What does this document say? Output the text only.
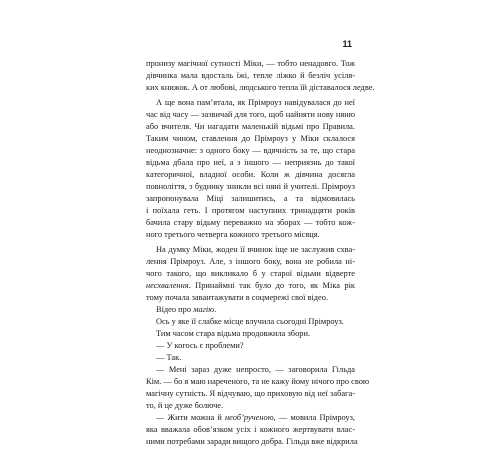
11
пронизу магічної сутності Міки, — тобто ненадовго. Тож
дівчинка мала вдосталь їжі, тепле ліжко й безліч усіля-
ких книжок. А от любові, людського тепла їй діставалося ледве.
А ще вона пам’ятала, як Прімроуз навідувалася до неї
час від часу — зазвичай для того, щоб найняти нову няню
або вчителя. Чи нагадати маленькій відьмі про Правила.
Таким чином, ставлення до Прімроуз у Міки склалося
неоднозначне: з одного боку — вдячність за те, що стара
відьма дбала про неї, а з іншого — неприязнь до такої
категоричної, владної особи. Коли ж дівчина досягла
повноліття, з будинку зникли всі няні й учителі. Прімроуз
запропонувала Міці залишитись, а та відмовилась
і поїхала геть. І протягом наступних тринадцяти років
бачила стару відьму переважно на зборах — тобто кож-
ного третього четверга кожного третього місяця.
На думку Міки, жоден її вчинок іще не заслужив схва-
лення Прімроуз. Але, з іншого боку, вона не робила ні-
чого такого, що викликало б у старої відьми відверте
несхвалення. Принаймні так було до того, як Міка рік
тому почала завантажувати в соцмережі свої відео.
Відео про магію.
Ось у яке її слабке місце влучила сьогодні Прімроуз.
Тим часом стара відьма продовжила збори.
— У когось є проблеми?
— Так.
— Мені зараз дуже непросто, — заговорила Гільда
Кім. — бо я маю нареченого, та не кажу йому нічого про свою
магічну сутність. Я відчуваю, що приховую від неї забага-
то, й це дуже болюче.
— Жити можна й необ’рученою, — мовила Прімроуз,
яка вважала обов’язком усіх і кожного жертвувати влас-
ними потребами заради вищого добра. Гільда вже відкрила
